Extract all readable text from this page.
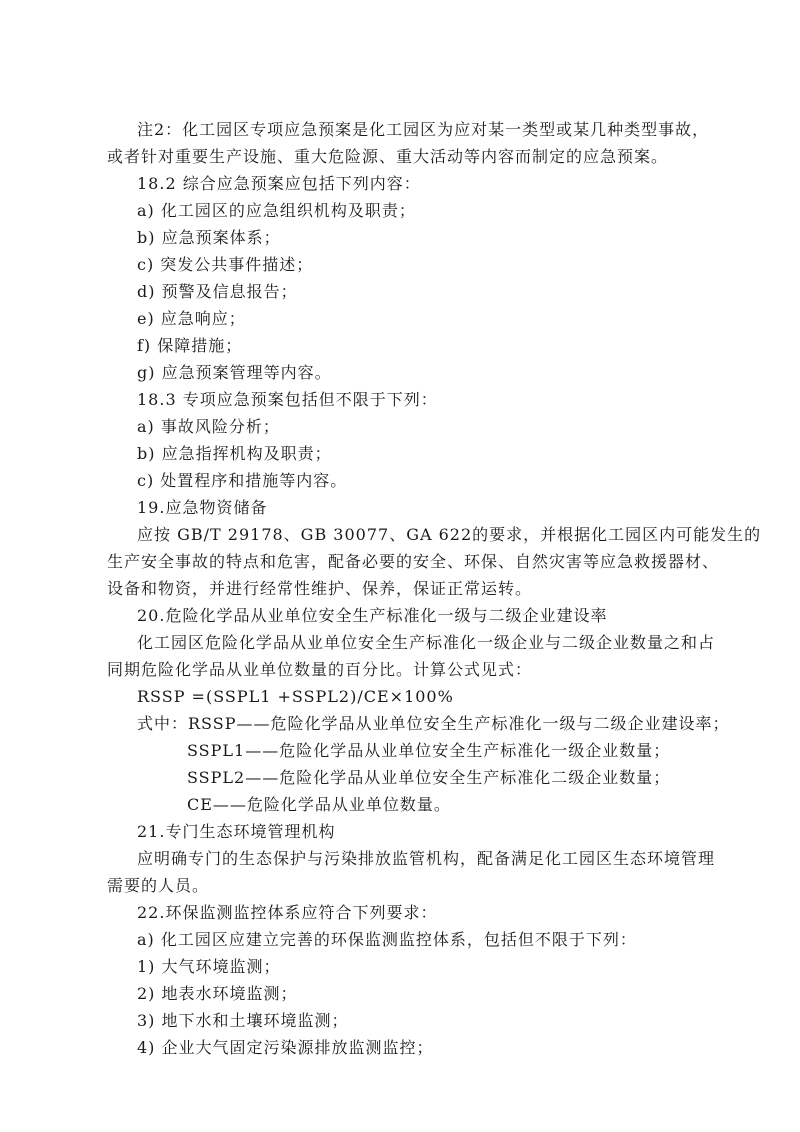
注2：化工园区专项应急预案是化工园区为应对某一类型或某几种类型事故，
或者针对重要生产设施、重大危险源、重大活动等内容而制定的应急预案。
18.2 综合应急预案应包括下列内容：
a) 化工园区的应急组织机构及职责；
b) 应急预案体系；
c) 突发公共事件描述；
d) 预警及信息报告；
e) 应急响应；
f) 保障措施；
g) 应急预案管理等内容。
18.3 专项应急预案包括但不限于下列：
a) 事故风险分析；
b) 应急指挥机构及职责；
c) 处置程序和措施等内容。
19.应急物资储备
应按 GB/T 29178、GB 30077、GA 622的要求，并根据化工园区内可能发生的
生产安全事故的特点和危害，配备必要的安全、环保、自然灾害等应急救援器材、
设备和物资，并进行经常性维护、保养，保证正常运转。
20.危险化学品从业单位安全生产标准化一级与二级企业建设率
化工园区危险化学品从业单位安全生产标准化一级企业与二级企业数量之和占
同期危险化学品从业单位数量的百分比。计算公式见式：
RSSP =(SSPL1 +SSPL2)/CE×100%
式中：RSSP——危险化学品从业单位安全生产标准化一级与二级企业建设率；
SSPL1——危险化学品从业单位安全生产标准化一级企业数量；
SSPL2——危险化学品从业单位安全生产标准化二级企业数量；
CE——危险化学品从业单位数量。
21.专门生态环境管理机构
应明确专门的生态保护与污染排放监管机构，配备满足化工园区生态环境管理
需要的人员。
22.环保监测监控体系应符合下列要求：
a) 化工园区应建立完善的环保监测监控体系，包括但不限于下列：
1) 大气环境监测；
2) 地表水环境监测；
3) 地下水和土壤环境监测；
4) 企业大气固定污染源排放监测监控；
